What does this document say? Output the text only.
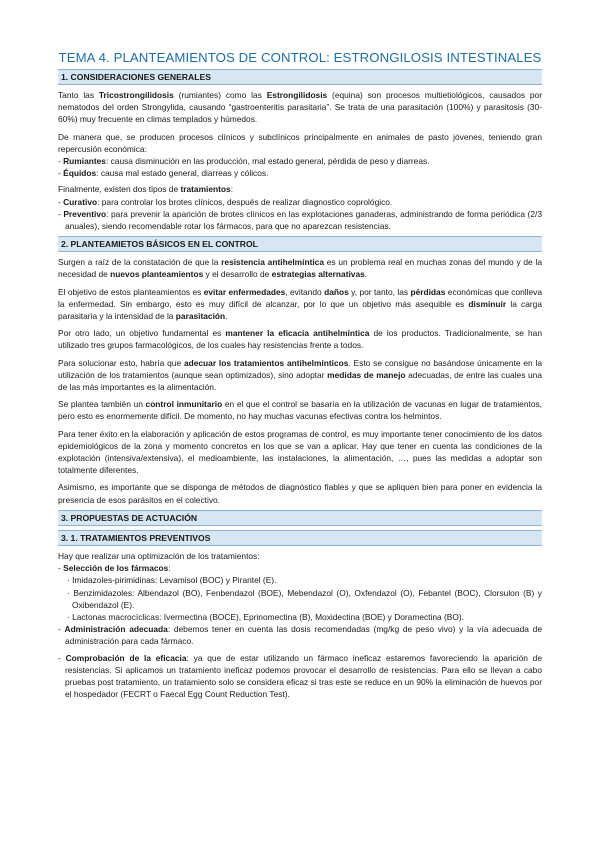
TEMA 4. PLANTEAMIENTOS DE CONTROL: ESTRONGILOSIS INTESTINALES
1. CONSIDERACIONES GENERALES

Tanto las Tricostrongilidosis (rumiantes) como las Estrongilidosis (equina) son procesos multietiológicos, causados por nematodos del orden Strongylida, causando “gastroenteritis parasitaria”. Se trata de una parasitación (100%) y parasitosis (30-60%) muy frecuente en climas templados y húmedos.

De manera que, se producen procesos clínicos y subclínicos principalmente en animales de pasto jóvenes, teniendo gran repercusión económica:

- Rumiantes: causa disminución en las producción, mal estado general, pérdida de peso y diarreas.

- Équidos: causa mal estado general, diarreas y cólicos.

Finalmente, existen dos tipos de tratamientos:

- Curativo: para controlar los brotes clínicos, después de realizar diagnostico coprológico.

- Preventivo: para prevenir la aparición de brotes clínicos en las explotaciones ganaderas, administrando de forma periódica (2/3 anuales), siendo recomendable rotar los fármacos, para que no aparezcan resistencias.

2. PLANTEAMIETOS BÁSICOS EN EL CONTROL

Surgen a raíz de la constatación de que la resistencia antihelmíntica es un problema real en muchas zonas del mundo y de la necesidad de nuevos planteamientos y el desarrollo de estrategias alternativas.

El objetivo de estos planteamientos es evitar enfermedades, evitando daños y, por tanto, las pérdidas económicas que conlleva la enfermedad. Sin embargo, esto es muy difícil de alcanzar, por lo que un objetivo más asequible es disminuir la carga parasitaria y la intensidad de la parasitación.

Por otro lado, un objetivo fundamental es mantener la eficacia antihelmíntica de los productos. Tradicionalmente, se han utilizado tres grupos farmacológicos, de los cuales hay resistencias frente a todos.

Para solucionar esto, habría que adecuar los tratamientos antihelmínticos. Esto se consigue no basándose únicamente en la utilización de los tratamientos (aunque sean optimizados), sino adoptar medidas de manejo adecuadas, de entre las cuales una de las más importantes es la alimentación.

Se plantea también un control inmunitario en el que el control se basaría en la utilización de vacunas en lugar de tratamientos, pero esto es enormemente difícil. De momento, no hay muchas vacunas efectivas contra los helmintos.

Para tener éxito en la elaboración y aplicación de estos programas de control, es muy importante tener conocimiento de los datos epidemiológicos de la zona y momento concretos en los que se van a aplicar. Hay que tener en cuenta las condiciones de la explotación (intensiva/extensiva), el medioambiente, las instalaciones, la alimentación, …, pues las medidas a adoptar son totalmente diferentes.

Asimismo, es importante que se disponga de métodos de diagnóstico fiables y que se apliquen bien para poner en evidencia la presencia de esos parásitos en el colectivo.

3. PROPUESTAS DE ACTUACIÓN
3. 1. TRATAMIENTOS PREVENTIVOS

Hay que realizar una optimización de los tratamientos:

- Selección de los fármacos:

· Imidazoles-pirimidinas: Levamisol (BOC) y Pirantel (E).

· Benzimidazoles: Albendazol (BO), Fenbendazol (BOE), Mebendazol (O), Oxfendazol (O), Febantel (BOC), Clorsulon (B) y Oxibendazol (E).

· Lactonas macrocíclicas: Ivermectina (BOCE), Eprinomectina (B), Moxidectina (BOE) y Doramectina (BO).

- Administración adecuada: debemos tener en cuenta las dosis recomendadas (mg/kg de peso vivo) y la vía adecuada de administración para cada fármaco.

- Comprobación de la eficacia: ya que de estar utilizando un fármaco ineficaz estaremos favoreciendo la aparición de resistencias. Si aplicamos un tratamiento ineficaz podemos provocar el desarrollo de resistencias. Para ello se llevan a cabo pruebas post tratamiento, un tratamiento solo se considera eficaz si tras este se reduce en un 90% la eliminación de huevos por el hospedador (FECRT o Faecal Egg Count Reduction Test).
